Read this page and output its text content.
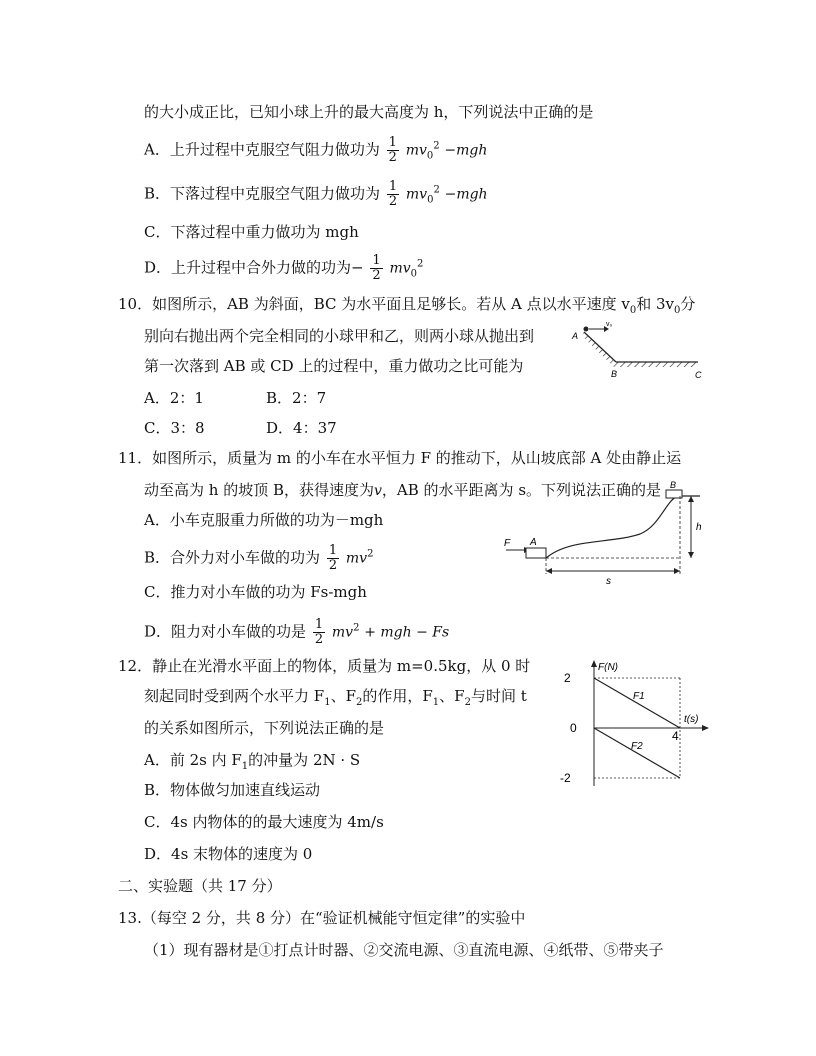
的大小成正比，已知小球上升的最大高度为 h，下列说法中正确的是
A．上升过程中克服空气阻力做功为 $\frac{1}{2} mv_0^2 -mgh$
B．下落过程中克服空气阻力做功为 $\frac{1}{2} mv_0^2 -mgh$
C．下落过程中重力做功为 mgh
D．上升过程中合外力做的功为− $\frac{1}{2} mv_0^2$
10．如图所示，AB 为斜面，BC 为水平面且足够长。若从 A 点以水平速度 $v_0$和 $3v_0$分
别向右抛出两个完全相同的小球甲和乙，则两小球从抛出到
第一次落到 AB 或 CD 上的过程中，重力做功之比可能为
A．2：1	B．2：7
C．3：8	D．4：37
A
B	C
v₀
11．如图所示，质量为 m 的小车在水平恒力 F 的推动下，从山坡底部 A 处由静止运
动至高为 h 的坡顶 B，获得速度为v，AB 的水平距离为 s。下列说法正确的是
A．小车克服重力所做的功为－mgh
B．合外力对小车做的功为 $\frac{1}{2} mv^2$
C．推力对小车做的功为 Fs-mgh
D．阻力对小车做的功是 $\frac{1}{2} mv^2$ + mgh − Fs
F A
B
s
h
12．静止在光滑水平面上的物体，质量为 m=0.5kg，从 0 时
刻起同时受到两个水平力 $F_1$、$F_2$的作用，$F_1$、$F_2$与时间 t
的关系如图所示，下列说法正确的是
A．前 2s 内 $F_1$的冲量为 2N · S
B．物体做匀加速直线运动
C．4s 内物体的的最大速度为 4m/s
D．4s 末物体的速度为 0
F(N)
t(s)
2
0
-2
4
F1
F2
二、实验题（共 17 分）
13.（每空 2 分，共 8 分）在“验证机械能守恒定律”的实验中
（1）现有器材是①打点计时器、②交流电源、③直流电源、④纸带、⑤带夹子
